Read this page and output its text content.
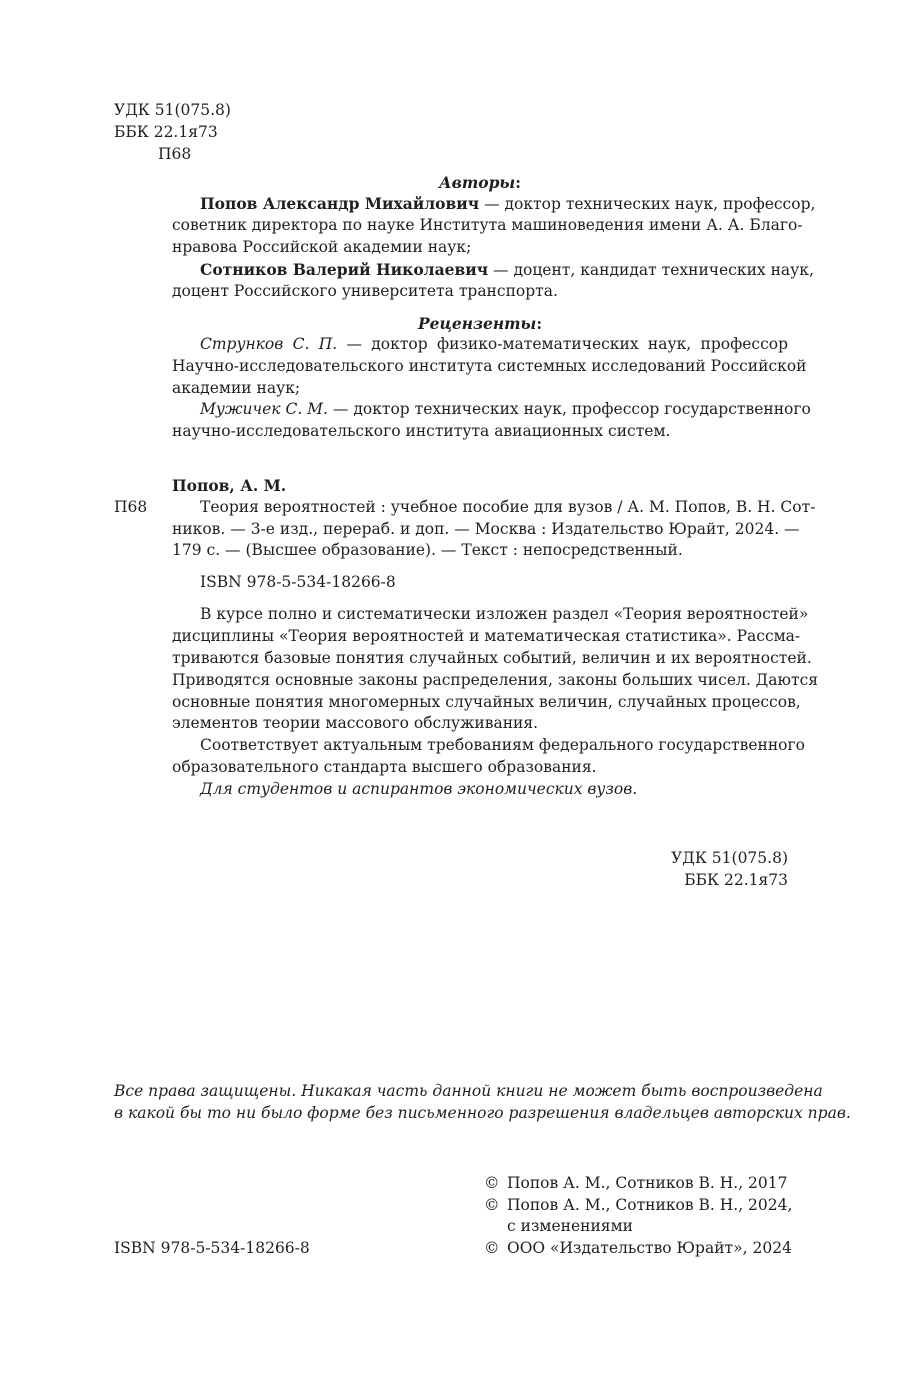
УДК 51(075.8)
ББК 22.1я73
П68
Авторы:
Попов Александр Михайлович — доктор технических наук, профессор,
советник директора по науке Института машиноведения имени А. А. Благо-
нравова Российской академии наук;
Сотников Валерий Николаевич — доцент, кандидат технических наук,
доцент Российского университета транспорта.
Рецензенты:
Струнков С. П. — доктор физико-математических наук, профессор
Научно-исследовательского института системных исследований Российской
академии наук;
Мужичек С. М. — доктор технических наук, профессор государственного
научно-исследовательского института авиационных систем.
Попов, А. М.
П68	Теория вероятностей : учебное пособие для вузов / А. М. Попов, В. Н. Сот-
ников. — 3-е изд., перераб. и доп. — Москва : Издательство Юрайт, 2024. —
179 с. — (Высшее образование). — Текст : непосредственный.
ISBN 978-5-534-18266-8
В курсе полно и систематически изложен раздел «Теория вероятностей»
дисциплины «Теория вероятностей и математическая статистика». Рассма-
триваются базовые понятия случайных событий, величин и их вероятностей.
Приводятся основные законы распределения, законы больших чисел. Даются
основные понятия многомерных случайных величин, случайных процессов,
элементов теории массового обслуживания.
Соответствует актуальным требованиям федерального государственного
образовательного стандарта высшего образования.
Для студентов и аспирантов экономических вузов.
УДК 51(075.8)
ББК 22.1я73
Все права защищены. Никакая часть данной книги не может быть воспроизведена
в какой бы то ни было форме без письменного разрешения владельцев авторских прав.
© Попов А. М., Сотников В. Н., 2017
© Попов А. М., Сотников В. Н., 2024,
с изменениями
ISBN 978-5-534-18266-8	© ООО «Издательство Юрайт», 2024
